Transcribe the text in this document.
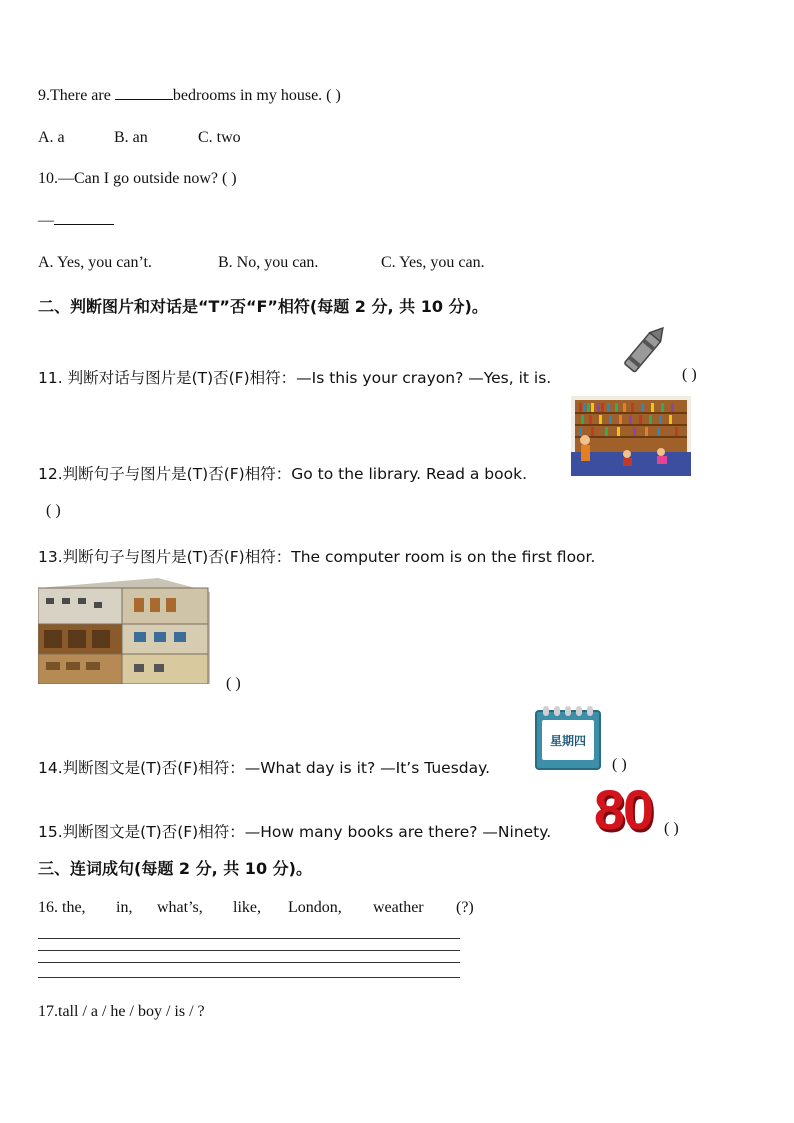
9.There are	bedrooms in my house. ( )
A. a	B. an	C. two
10.—Can I go outside now? ( )
—
A. Yes, you can’t.	B. No, you can.	C. Yes, you can.
二、判断图片和对话是“T”否“F”相符(每题 2 分, 共 10 分)。
11. 判断对话与图片是(T)否(F)相符：—Is this your crayon? —Yes, it is.	( )
12.判断句子与图片是(T)否(F)相符：Go to the library. Read a book.
( )
13.判断句子与图片是(T)否(F)相符：The computer room is on the first floor.
( )
14.判断图文是(T)否(F)相符：—What day is it? —It’s Tuesday.
星期四
( )
15.判断图文是(T)否(F)相符：—How many books are there? —Ninety. 80 ( )
三、连词成句(每题 2 分, 共 10 分)。
16. the, in, what’s, like, London, weather (?)
17.tall / a / he / boy / is / ?
